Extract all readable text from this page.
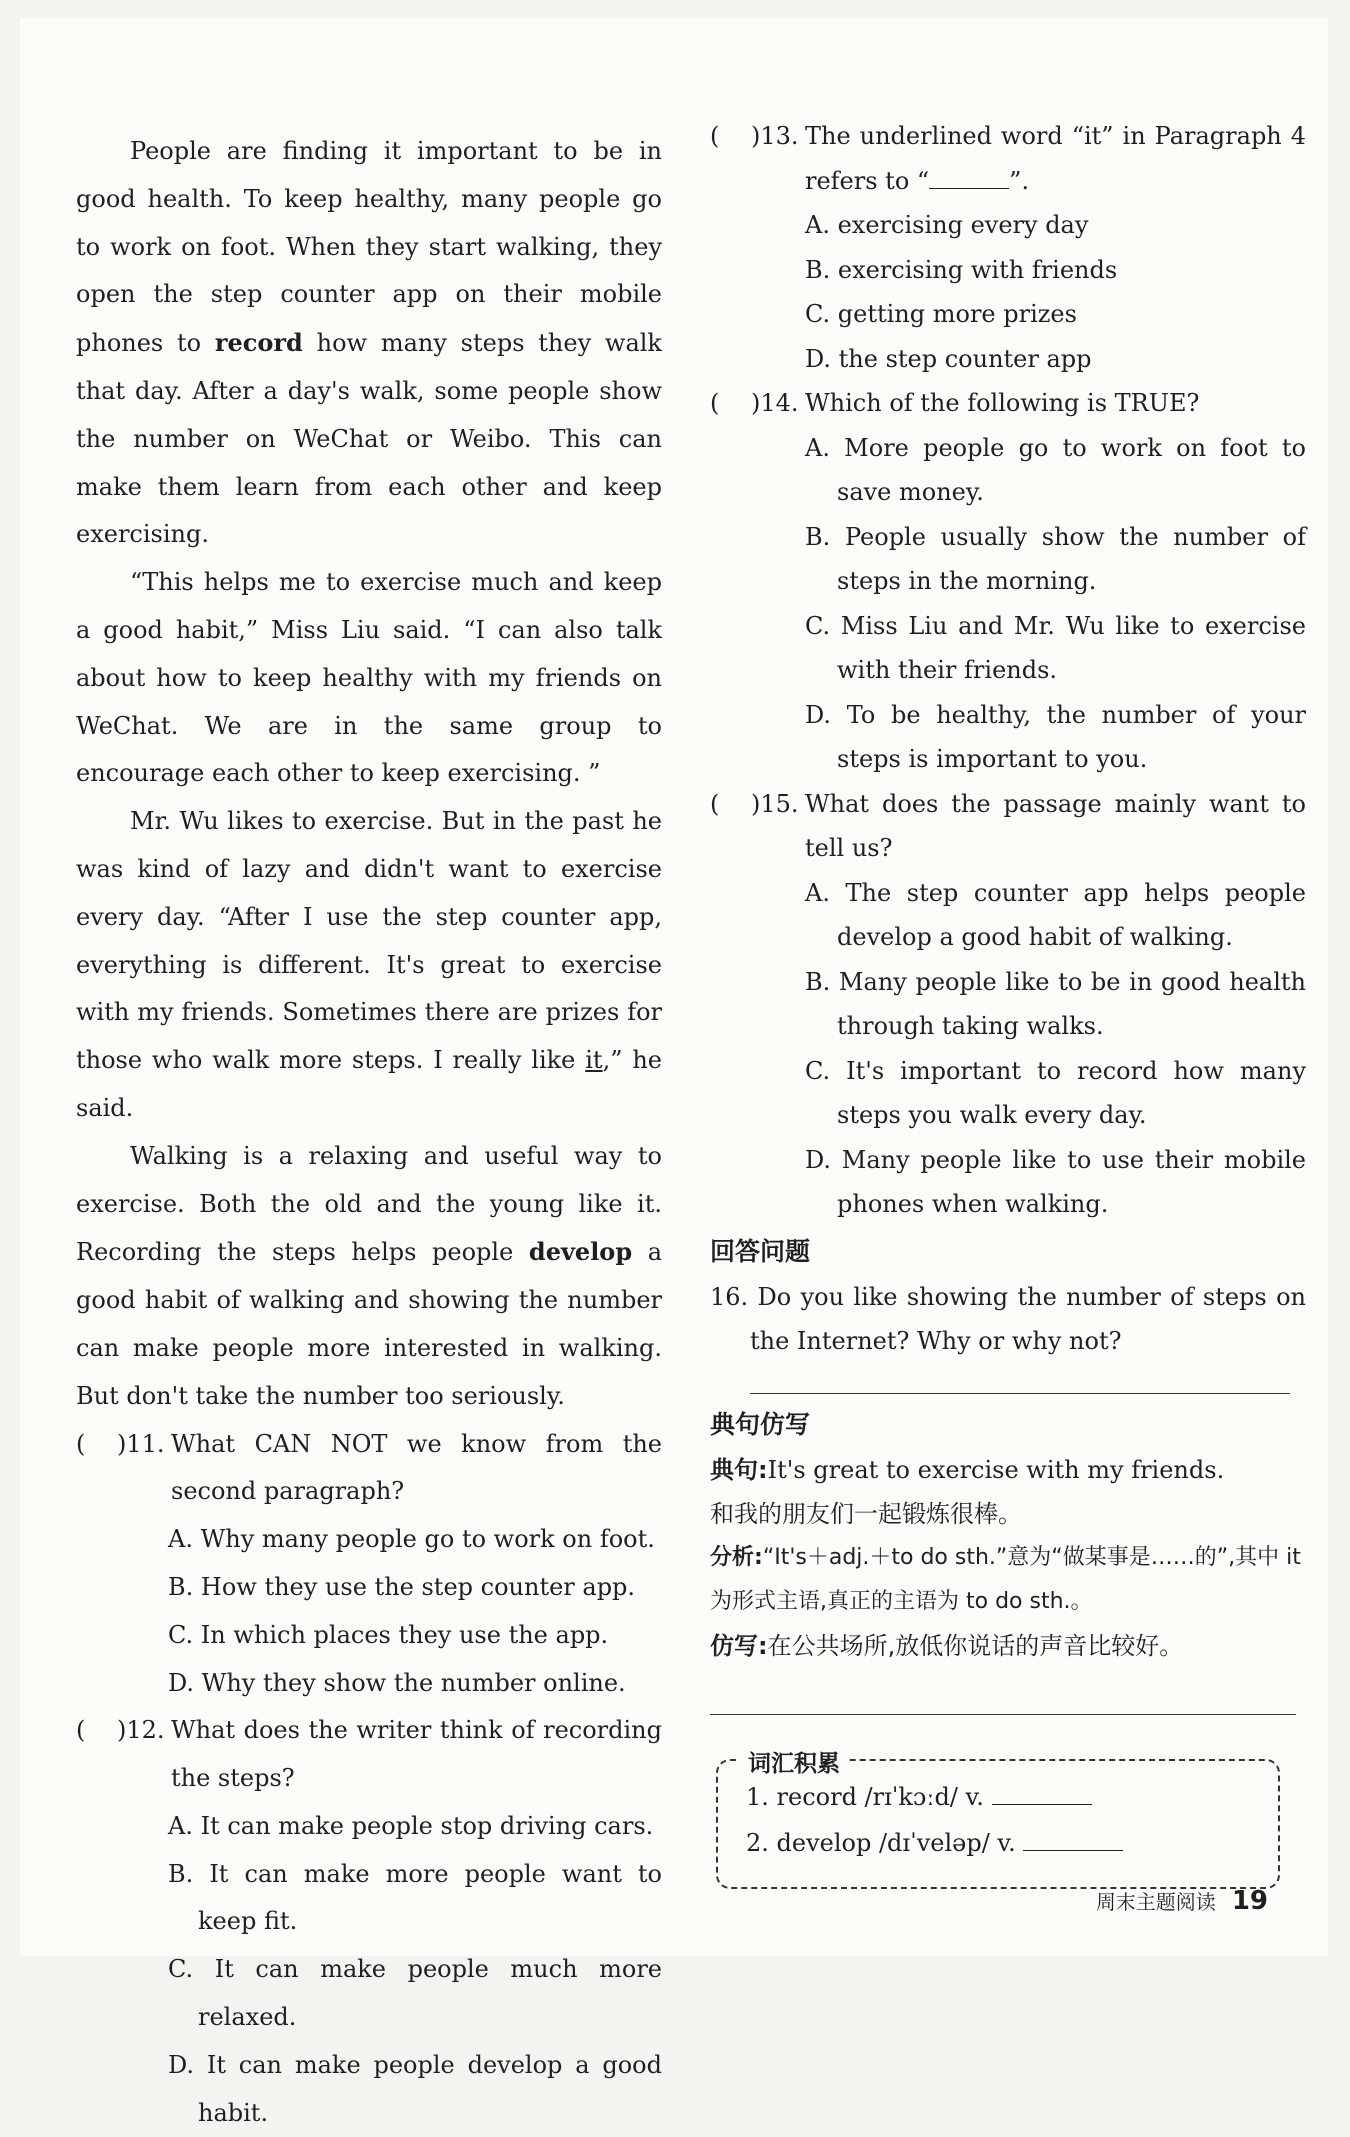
People are finding it important to be in good health. To keep healthy, many people go to work on foot. When they start walking, they open the step counter app on their mobile phones to record how many steps they walk that day. After a day's walk, some people show the number on WeChat or Weibo. This can make them learn from each other and keep exercising.

“This helps me to exercise much and keep a good habit,” Miss Liu said. “I can also talk about how to keep healthy with my friends on WeChat. We are in the same group to encourage each other to keep exercising. ”

Mr. Wu likes to exercise. But in the past he was kind of lazy and didn't want to exercise every day. “After I use the step counter app, everything is different. It's great to exercise with my friends. Sometimes there are prizes for those who walk more steps. I really like it,” he said.

Walking is a relaxing and useful way to exercise. Both the old and the young like it. Recording the steps helps people develop a good habit of walking and showing the number can make people more interested in walking. But don't take the number too seriously.

(　 )11. What CAN NOT we know from the second paragraph?
A. Why many people go to work on foot.
B. How they use the step counter app.
C. In which places they use the app.
D. Why they show the number online.
(　 )12. What does the writer think of recording the steps?
A. It can make people stop driving cars.
B. It can make more people want to keep fit.
C. It can make people much more relaxed.
D. It can make people develop a good habit.
(　 )13. The underlined word “it” in Paragraph 4 refers to “	”.
A. exercising every day
B. exercising with friends
C. getting more prizes
D. the step counter app
(　 )14. Which of the following is TRUE?
A. More people go to work on foot to save money.
B. People usually show the number of steps in the morning.
C. Miss Liu and Mr. Wu like to exercise with their friends.
D. To be healthy, the number of your steps is important to you.
(　 )15. What does the passage mainly want to tell us?
A. The step counter app helps people develop a good habit of walking.
B. Many people like to be in good health through taking walks.
C. It's important to record how many steps you walk every day.
D. Many people like to use their mobile phones when walking.
回答问题
16. Do you like showing the number of steps on the Internet? Why or why not?
典句仿写
典句:It's great to exercise with my friends.
和我的朋友们一起锻炼很棒。
分析:“It's＋adj.＋to do sth.”意为“做某事是……的”,其中 it 为形式主语,真正的主语为 to do sth.。
仿写:在公共场所,放低你说话的声音比较好。
词汇积累
1. record /rɪˈkɔːd/ v.
2. develop /dɪˈveləp/ v.
周末主题阅读 19
